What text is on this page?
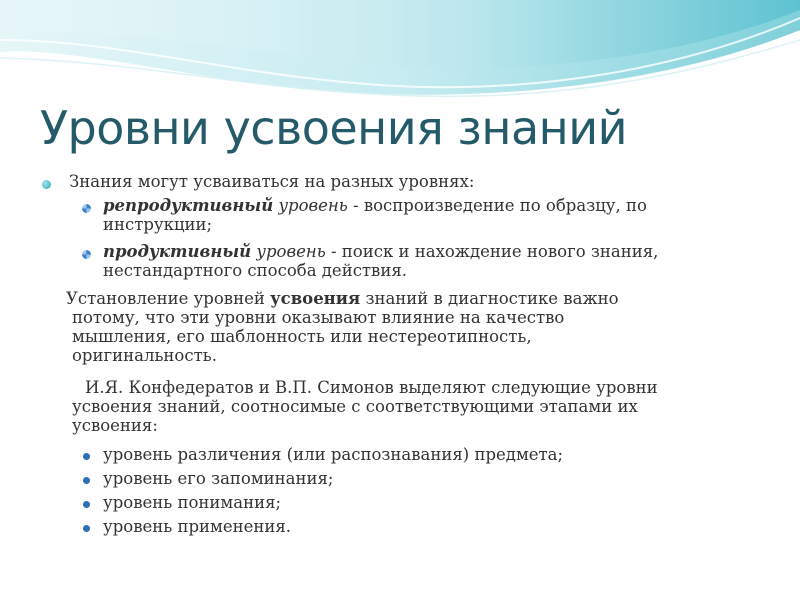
Уровни усвоения знаний
Знания могут усваиваться на разных уровнях:
репродуктивный уровень - воспроизведение по образцу, по
инструкции;
продуктивный уровень - поиск и нахождение нового знания,
нестандартного способа действия.
Установление уровней усвоения знаний в диагностике важно
потому, что эти уровни оказывают влияние на качество
мышления, его шаблонность или нестереотипность,
оригинальность.
И.Я. Конфедератов и В.П. Симонов выделяют следующие уровни
усвоения знаний, соотносимые с соответствующими этапами их
усвоения:
уровень различения (или распознавания) предмета;
уровень его запоминания;
уровень понимания;
уровень применения.
